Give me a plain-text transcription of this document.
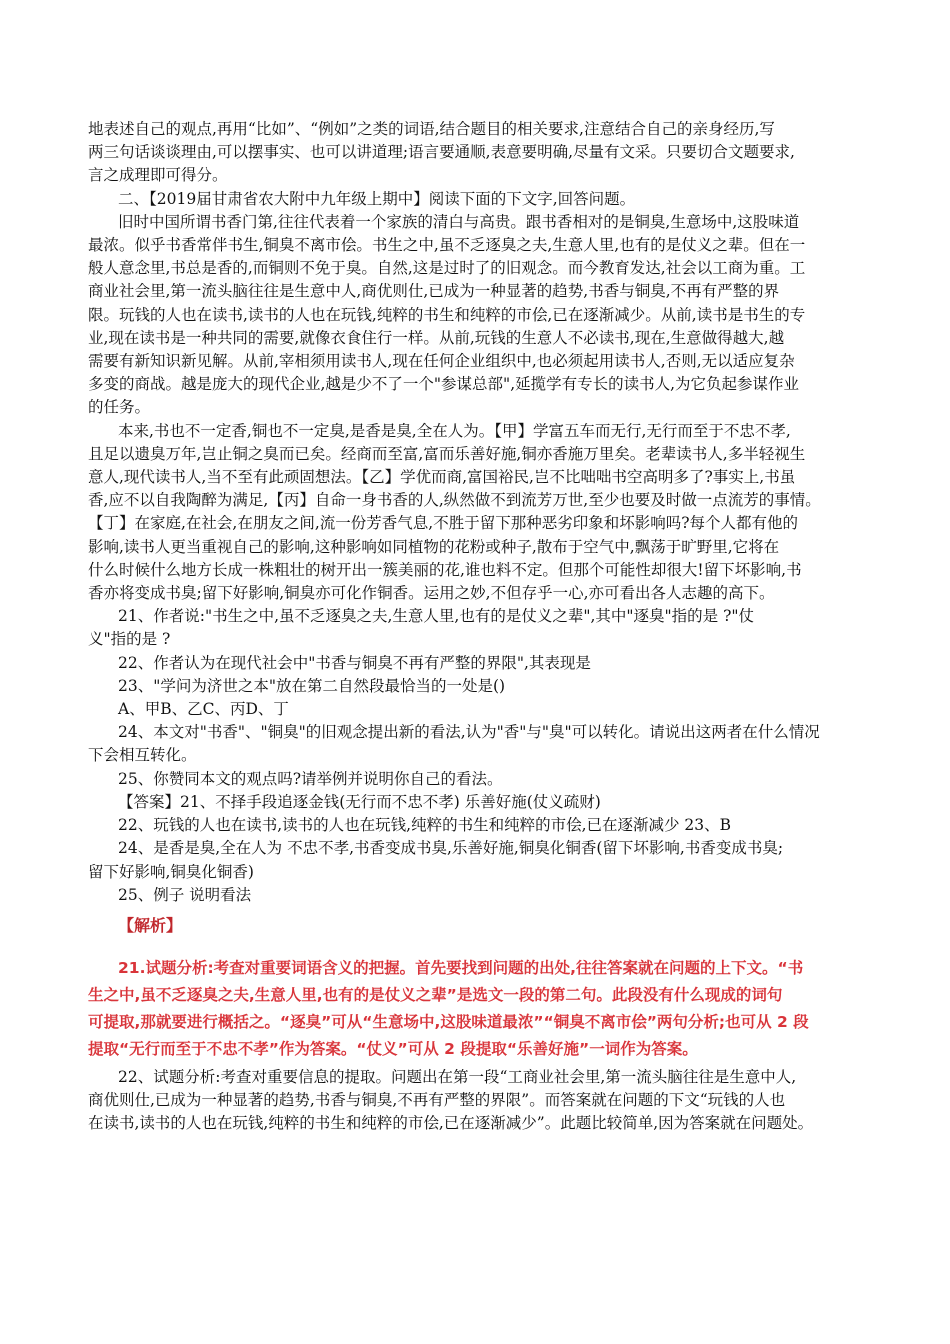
地表述自己的观点,再用“比如”、“例如”之类的词语,结合题目的相关要求,注意结合自己的亲身经历,写

两三句话谈谈理由,可以摆事实、也可以讲道理;语言要通顺,表意要明确,尽量有文采。只要切合文题要求,

言之成理即可得分。

二、【2019届甘肃省农大附中九年级上期中】阅读下面的下文字,回答问题。

旧时中国所谓书香门第,往往代表着一个家族的清白与高贵。跟书香相对的是铜臭,生意场中,这股味道

最浓。似乎书香常伴书生,铜臭不离市侩。书生之中,虽不乏逐臭之夫,生意人里,也有的是仗义之辈。但在一

般人意念里,书总是香的,而铜则不免于臭。自然,这是过时了的旧观念。而今教育发达,社会以工商为重。工

商业社会里,第一流头脑往往是生意中人,商优则仕,已成为一种显著的趋势,书香与铜臭,不再有严整的界

限。玩钱的人也在读书,读书的人也在玩钱,纯粹的书生和纯粹的市侩,已在逐渐减少。从前,读书是书生的专

业,现在读书是一种共同的需要,就像衣食住行一样。从前,玩钱的生意人不必读书,现在,生意做得越大,越

需要有新知识新见解。从前,宰相须用读书人,现在任何企业组织中,也必须起用读书人,否则,无以适应复杂

多变的商战。越是庞大的现代企业,越是少不了一个"参谋总部",延揽学有专长的读书人,为它负起参谋作业

的任务。

本来,书也不一定香,铜也不一定臭,是香是臭,全在人为。【甲】学富五车而无行,无行而至于不忠不孝,

且足以遗臭万年,岂止铜之臭而已矣。经商而至富,富而乐善好施,铜亦香施万里矣。老辈读书人,多半轻视生

意人,现代读书人,当不至有此顽固想法。【乙】学优而商,富国裕民,岂不比咄咄书空高明多了?事实上,书虽

香,应不以自我陶醉为满足,【丙】自命一身书香的人,纵然做不到流芳万世,至少也要及时做一点流芳的事情。

【丁】在家庭,在社会,在朋友之间,流一份芳香气息,不胜于留下那种恶劣印象和坏影响吗?每个人都有他的

影响,读书人更当重视自己的影响,这种影响如同植物的花粉或种子,散布于空气中,飘荡于旷野里,它将在

什么时候什么地方长成一株粗壮的树开出一簇美丽的花,谁也料不定。但那个可能性却很大!留下坏影响,书

香亦将变成书臭;留下好影响,铜臭亦可化作铜香。运用之妙,不但存乎一心,亦可看出各人志趣的高下。

21、作者说:"书生之中,虽不乏逐臭之夫,生意人里,也有的是仗义之辈",其中"逐臭"指的是 ?"仗

义"指的是 ?

22、作者认为在现代社会中"书香与铜臭不再有严整的界限",其表现是

23、"学问为济世之本"放在第二自然段最恰当的一处是()

A、甲B、乙C、丙D、丁

24、本文对"书香"、"铜臭"的旧观念提出新的看法,认为"香"与"臭"可以转化。请说出这两者在什么情况

下会相互转化。

25、你赞同本文的观点吗?请举例并说明你自己的看法。

【答案】21、不择手段追逐金钱(无行而不忠不孝) 乐善好施(仗义疏财)

22、玩钱的人也在读书,读书的人也在玩钱,纯粹的书生和纯粹的市侩,已在逐渐减少 23、B

24、是香是臭,全在人为 不忠不孝,书香变成书臭,乐善好施,铜臭化铜香(留下坏影响,书香变成书臭;

留下好影响,铜臭化铜香)

25、例子 说明看法

【解析】

21.试题分析:考查对重要词语含义的把握。首先要找到问题的出处,往往答案就在问题的上下文。“书

生之中,虽不乏逐臭之夫,生意人里,也有的是仗义之辈”是选文一段的第二句。此段没有什么现成的词句

可提取,那就要进行概括之。“逐臭”可从“生意场中,这股味道最浓”“铜臭不离市侩”两句分析;也可从 2 段

提取“无行而至于不忠不孝”作为答案。“仗义”可从 2 段提取“乐善好施”一词作为答案。

22、试题分析:考查对重要信息的提取。问题出在第一段“工商业社会里,第一流头脑往往是生意中人,

商优则仕,已成为一种显著的趋势,书香与铜臭,不再有严整的界限”。而答案就在问题的下文“玩钱的人也

在读书,读书的人也在玩钱,纯粹的书生和纯粹的市侩,已在逐渐减少”。此题比较简单,因为答案就在问题处。
